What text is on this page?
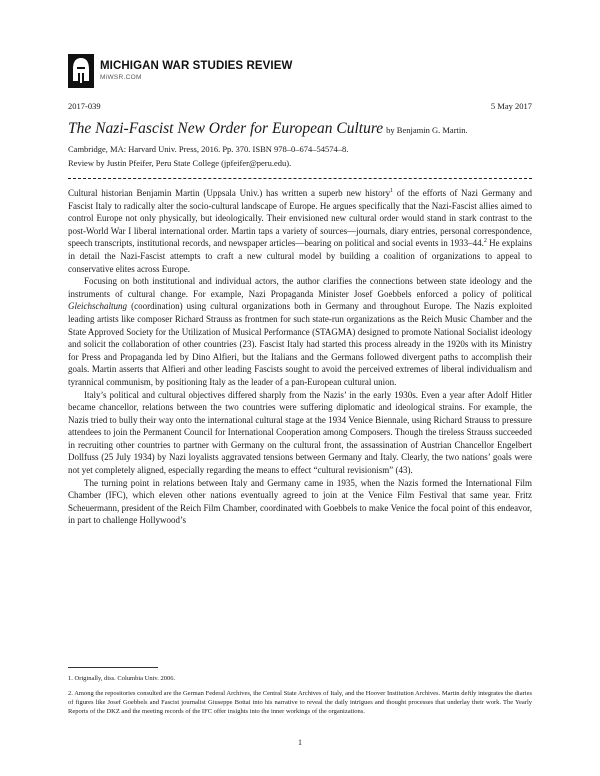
MICHIGAN WAR STUDIES REVIEW
MiWSR.COM
2017-039	5 May 2017
The Nazi-Fascist New Order for European Culture by Benjamin G. Martin.
Cambridge, MA: Harvard Univ. Press, 2016. Pp. 370. ISBN 978–0–674–54574–8.
Review by Justin Pfeifer, Peru State College (jpfeifer@peru.edu).

Cultural historian Benjamin Martin (Uppsala Univ.) has written a superb new history$^1$ of the efforts of Nazi Germany and Fascist Italy to radically alter the socio-cultural landscape of Europe. He argues specifically that the Nazi-Fascist allies aimed to control Europe not only physically, but ideologically. Their envisioned new cultural order would stand in stark contrast to the post-World War I liberal international order. Martin taps a variety of sources—journals, diary entries, personal correspondence, speech transcripts, institutional records, and newspaper articles—bearing on political and social events in 1933–44.$^2$ He explains in detail the Nazi-Fascist attempts to craft a new cultural model by building a coalition of organizations to appeal to conservative elites across Europe.

Focusing on both institutional and individual actors, the author clarifies the connections between state ideology and the instruments of cultural change. For example, Nazi Propaganda Minister Josef Goebbels enforced a policy of political Gleichschaltung (coordination) using cultural organizations both in Germany and throughout Europe. The Nazis exploited leading artists like composer Richard Strauss as frontmen for such state-run organizations as the Reich Music Chamber and the State Approved Society for the Utilization of Musical Performance (STAGMA) designed to promote National Socialist ideology and solicit the collaboration of other countries (23). Fascist Italy had started this process already in the 1920s with its Ministry for Press and Propaganda led by Dino Alfieri, but the Italians and the Germans followed divergent paths to accomplish their goals. Martin asserts that Alfieri and other leading Fascists sought to avoid the perceived extremes of liberal individualism and tyrannical communism, by positioning Italy as the leader of a pan-European cultural union.

Italy’s political and cultural objectives differed sharply from the Nazis’ in the early 1930s. Even a year after Adolf Hitler became chancellor, relations between the two countries were suffering diplomatic and ideological strains. For example, the Nazis tried to bully their way onto the international cultural stage at the 1934 Venice Biennale, using Richard Strauss to pressure attendees to join the Permanent Council for International Cooperation among Composers. Though the tireless Strauss succeeded in recruiting other countries to partner with Germany on the cultural front, the assassination of Austrian Chancellor Engelbert Dollfuss (25 July 1934) by Nazi loyalists aggravated tensions between Germany and Italy. Clearly, the two nations’ goals were not yet completely aligned, especially regarding the means to effect “cultural revisionism” (43).

The turning point in relations between Italy and Germany came in 1935, when the Nazis formed the International Film Chamber (IFC), which eleven other nations eventually agreed to join at the Venice Film Festival that same year. Fritz Scheuermann, president of the Reich Film Chamber, coordinated with Goebbels to make Venice the focal point of this endeavor, in part to challenge Hollywood’s

1. Originally, diss. Columbia Univ. 2006.

2. Among the repositories consulted are the German Federal Archives, the Central State Archives of Italy, and the Hoover Institution Archives. Martin deftly integrates the diaries of figures like Josef Goebbels and Fascist journalist Giuseppe Bottai into his narrative to reveal the daily intrigues and thought processes that underlay their work. The Yearly Reports of the DKZ and the meeting records of the IFC offer insights into the inner workings of the organizations.

1
